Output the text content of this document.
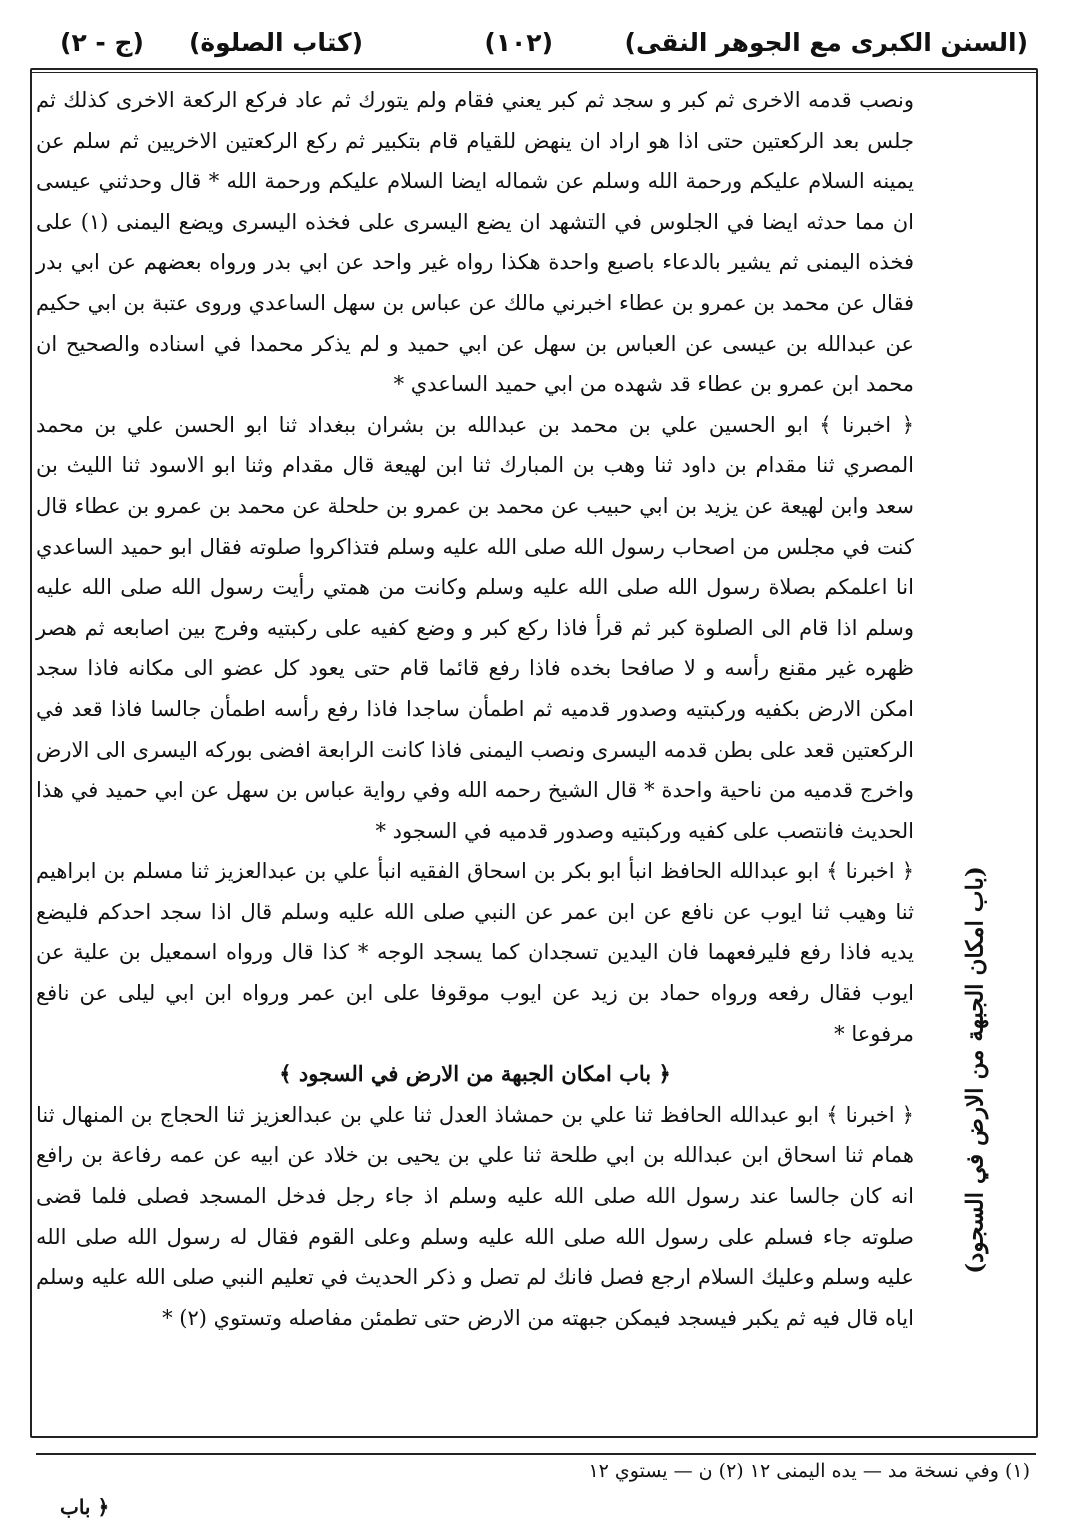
(السنن الكبرى مع الجوهر النقى)
(١٠٢)
(كتاب الصلوة)
(ج - ٢)

ونصب قدمه الاخرى ثم كبر و سجد ثم كبر يعني فقام ولم يتورك ثم عاد فركع الركعة الاخرى كذلك ثم جلس بعد الركعتين حتى اذا هو اراد ان ينهض للقيام قام بتكبير ثم ركع الركعتين الاخريين ثم سلم عن يمينه السلام عليكم ورحمة الله وسلم عن شماله ايضا السلام عليكم ورحمة الله * قال وحدثني عيسى ان مما حدثه ايضا في الجلوس في التشهد ان يضع اليسرى على فخذه اليسرى ويضع اليمنى (١) على فخذه اليمنى ثم يشير بالدعاء باصبع واحدة هكذا رواه غير واحد عن ابي بدر ورواه بعضهم عن ابي بدر فقال عن محمد بن عمرو بن عطاء اخبرني مالك عن عباس بن سهل الساعدي وروى عتبة بن ابي حكيم عن عبدالله بن عيسى عن العباس بن سهل عن ابي حميد و لم يذكر محمدا في اسناده والصحيح ان محمد ابن عمرو بن عطاء قد شهده من ابي حميد الساعدي *

﴿ اخبرنا ﴾ ابو الحسين علي بن محمد بن عبدالله بن بشران ببغداد ثنا ابو الحسن علي بن محمد المصري ثنا مقدام بن داود ثنا وهب بن المبارك ثنا ابن لهيعة قال مقدام وثنا ابو الاسود ثنا الليث بن سعد وابن لهيعة عن يزيد بن ابي حبيب عن محمد بن عمرو بن حلحلة عن محمد بن عمرو بن عطاء قال كنت في مجلس من اصحاب رسول الله صلى الله عليه وسلم فتذاكروا صلوته فقال ابو حميد الساعدي انا اعلمكم بصلاة رسول الله صلى الله عليه وسلم وكانت من همتي رأيت رسول الله صلى الله عليه وسلم اذا قام الى الصلوة كبر ثم قرأ فاذا ركع كبر و وضع كفيه على ركبتيه وفرج بين اصابعه ثم هصر ظهره غير مقنع رأسه و لا صافحا بخده فاذا رفع قائما قام حتى يعود كل عضو الى مكانه فاذا سجد امكن الارض بكفيه وركبتيه وصدور قدميه ثم اطمأن ساجدا فاذا رفع رأسه اطمأن جالسا فاذا قعد في الركعتين قعد على بطن قدمه اليسرى ونصب اليمنى فاذا كانت الرابعة افضى بوركه اليسرى الى الارض واخرج قدميه من ناحية واحدة * قال الشيخ رحمه الله وفي رواية عباس بن سهل عن ابي حميد في هذا الحديث فانتصب على كفيه وركبتيه وصدور قدميه في السجود *

﴿ اخبرنا ﴾ ابو عبدالله الحافظ انبأ ابو بكر بن اسحاق الفقيه انبأ علي بن عبدالعزيز ثنا مسلم بن ابراهيم ثنا وهيب ثنا ايوب عن نافع عن ابن عمر عن النبي صلى الله عليه وسلم قال اذا سجد احدكم فليضع يديه فاذا رفع فليرفعهما فان اليدين تسجدان كما يسجد الوجه * كذا قال ورواه اسمعيل بن علية عن ايوب فقال رفعه ورواه حماد بن زيد عن ايوب موقوفا على ابن عمر ورواه ابن ابي ليلى عن نافع مرفوعا *

﴿ باب امكان الجبهة من الارض في السجود ﴾

﴿ اخبرنا ﴾ ابو عبدالله الحافظ ثنا علي بن حمشاذ العدل ثنا علي بن عبدالعزيز ثنا الحجاج بن المنهال ثنا همام ثنا اسحاق ابن عبدالله بن ابي طلحة ثنا علي بن يحيى بن خلاد عن ابيه عن عمه رفاعة بن رافع انه كان جالسا عند رسول الله صلى الله عليه وسلم اذ جاء رجل فدخل المسجد فصلى فلما قضى صلوته جاء فسلم على رسول الله صلى الله عليه وسلم وعلى القوم فقال له رسول الله صلى الله عليه وسلم وعليك السلام ارجع فصل فانك لم تصل و ذكر الحديث في تعليم النبي صلى الله عليه وسلم اياه قال فيه ثم يكبر فيسجد فيمكن جبهته من الارض حتى تطمئن مفاصله وتستوي (٢) *

(باب امكان الجبهة من الارض في السجود)
(١) وفي نسخة مد — يده اليمنى ١٢ (٢) ن — يستوي ١٢
﴿ باب
